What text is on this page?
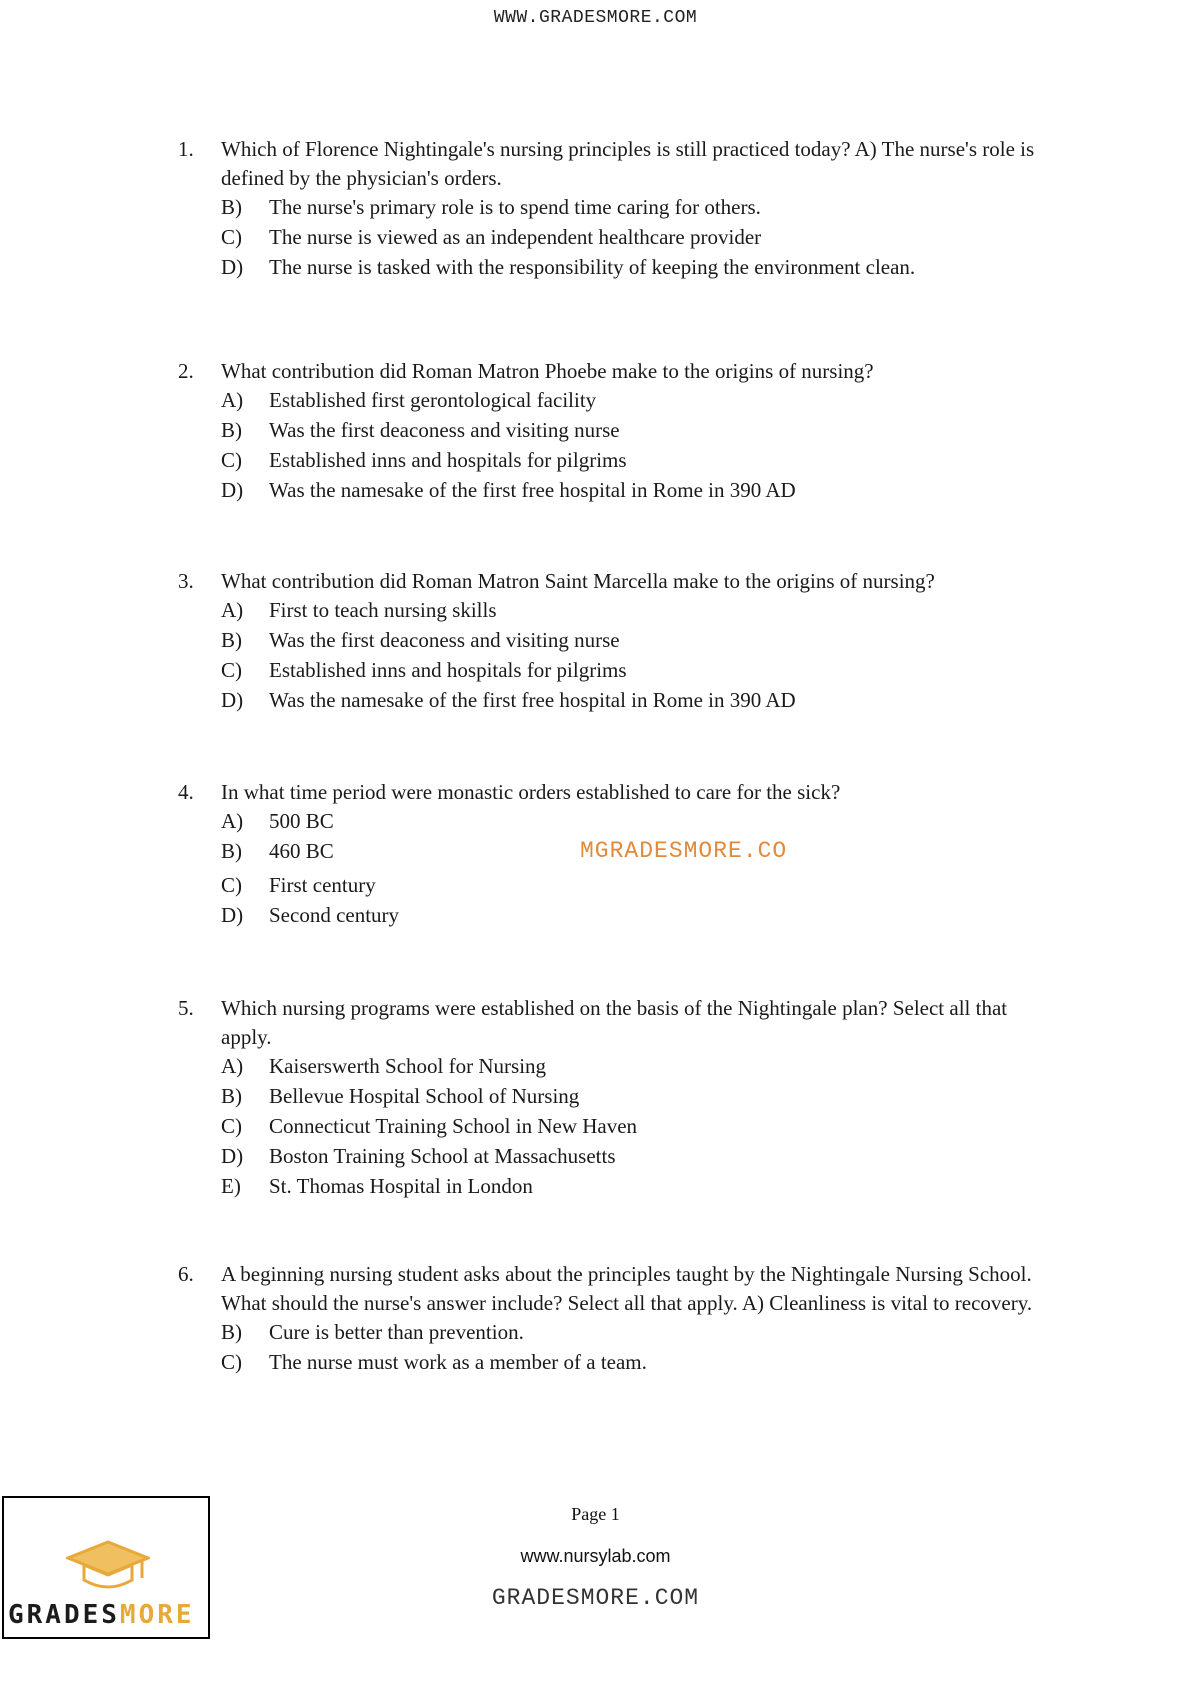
WWW.GRADESMORE.COM
1. Which of Florence Nightingale's nursing principles is still practiced today? A) The nurse's role is defined by the physician's orders.
B) The nurse's primary role is to spend time caring for others.
C) The nurse is viewed as an independent healthcare provider
D) The nurse is tasked with the responsibility of keeping the environment clean.
2. What contribution did Roman Matron Phoebe make to the origins of nursing?
A) Established first gerontological facility
B) Was the first deaconess and visiting nurse
C) Established inns and hospitals for pilgrims
D) Was the namesake of the first free hospital in Rome in 390 AD
3. What contribution did Roman Matron Saint Marcella make to the origins of nursing?
A) First to teach nursing skills
B) Was the first deaconess and visiting nurse
C) Established inns and hospitals for pilgrims
D) Was the namesake of the first free hospital in Rome in 390 AD
4. In what time period were monastic orders established to care for the sick?
A) 500 BC
B) 460 BC
C) First century
D) Second century
MGRADESMORE.CO
5. Which nursing programs were established on the basis of the Nightingale plan? Select all that apply.
A) Kaiserswerth School for Nursing
B) Bellevue Hospital School of Nursing
C) Connecticut Training School in New Haven
D) Boston Training School at Massachusetts
E) St. Thomas Hospital in London
6. A beginning nursing student asks about the principles taught by the Nightingale Nursing School. What should the nurse's answer include? Select all that apply. A) Cleanliness is vital to recovery.
B) Cure is better than prevention.
C) The nurse must work as a member of a team.
Page 1
www.nursylab.com
GRADESMORE.COM
GRADESMORE
